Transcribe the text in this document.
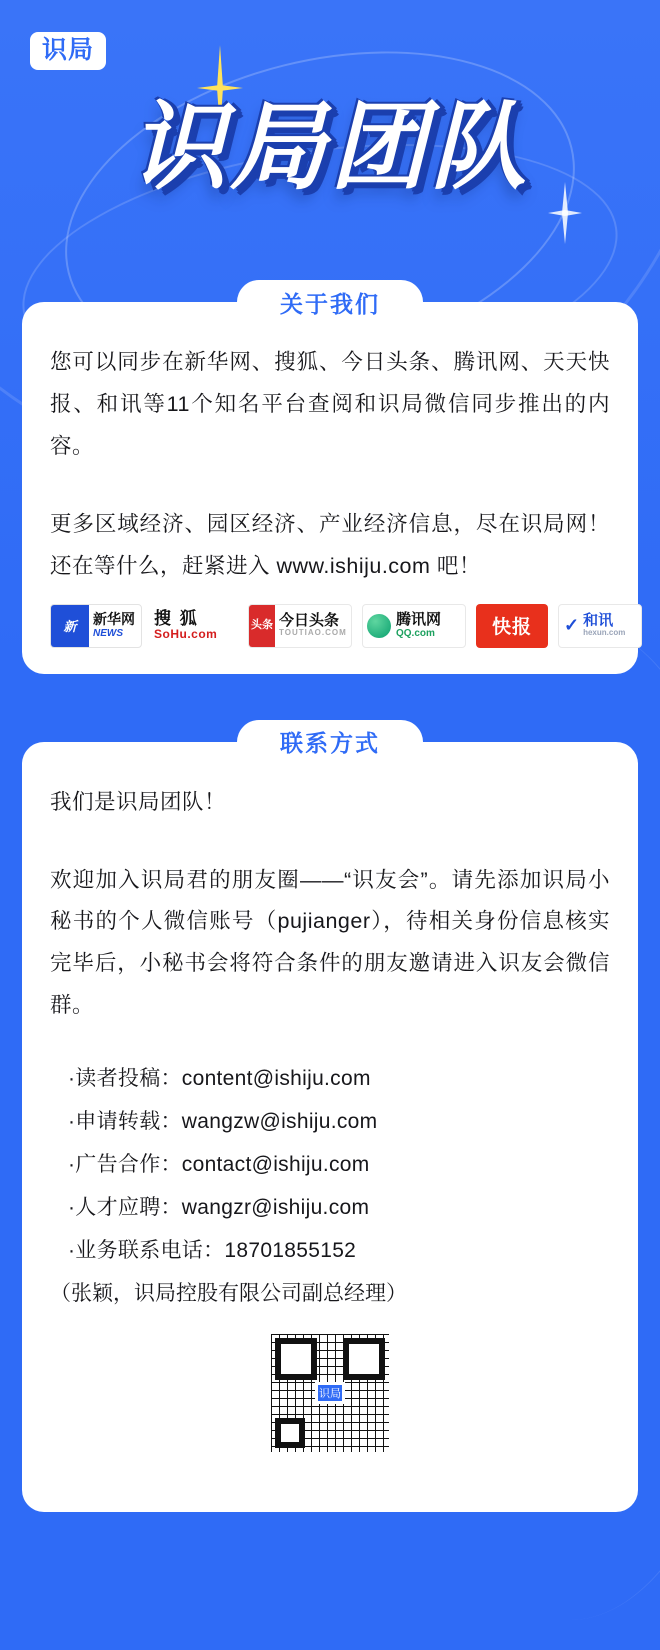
识局
识局团队
关于我们

您可以同步在新华网、搜狐、今日头条、腾讯网、天天快报、和讯等11个知名平台查阅和识局微信同步推出的内容。

更多区域经济、园区经济、产业经济信息，尽在识局网！还在等什么，赶紧进入 www.ishiju.com 吧！

新	新华网
NEWS
搜 狐
SoHu.com
头条 今日头条
TOUTIAO.COM
腾讯网
QQ.com	快报 ✓ 和讯
hexun.com
联系方式

我们是识局团队！

欢迎加入识局君的朋友圈——“识友会”。请先添加识局小秘书的个人微信账号（pujianger），待相关身份信息核实完毕后，小秘书会将符合条件的朋友邀请进入识友会微信群。

·读者投稿：content@ishiju.com
·申请转载：wangzw@ishiju.com
·广告合作：contact@ishiju.com
·人才应聘：wangzr@ishiju.com
·业务联系电话：18701855152
（张颖，识局控股有限公司副总经理）
识局
